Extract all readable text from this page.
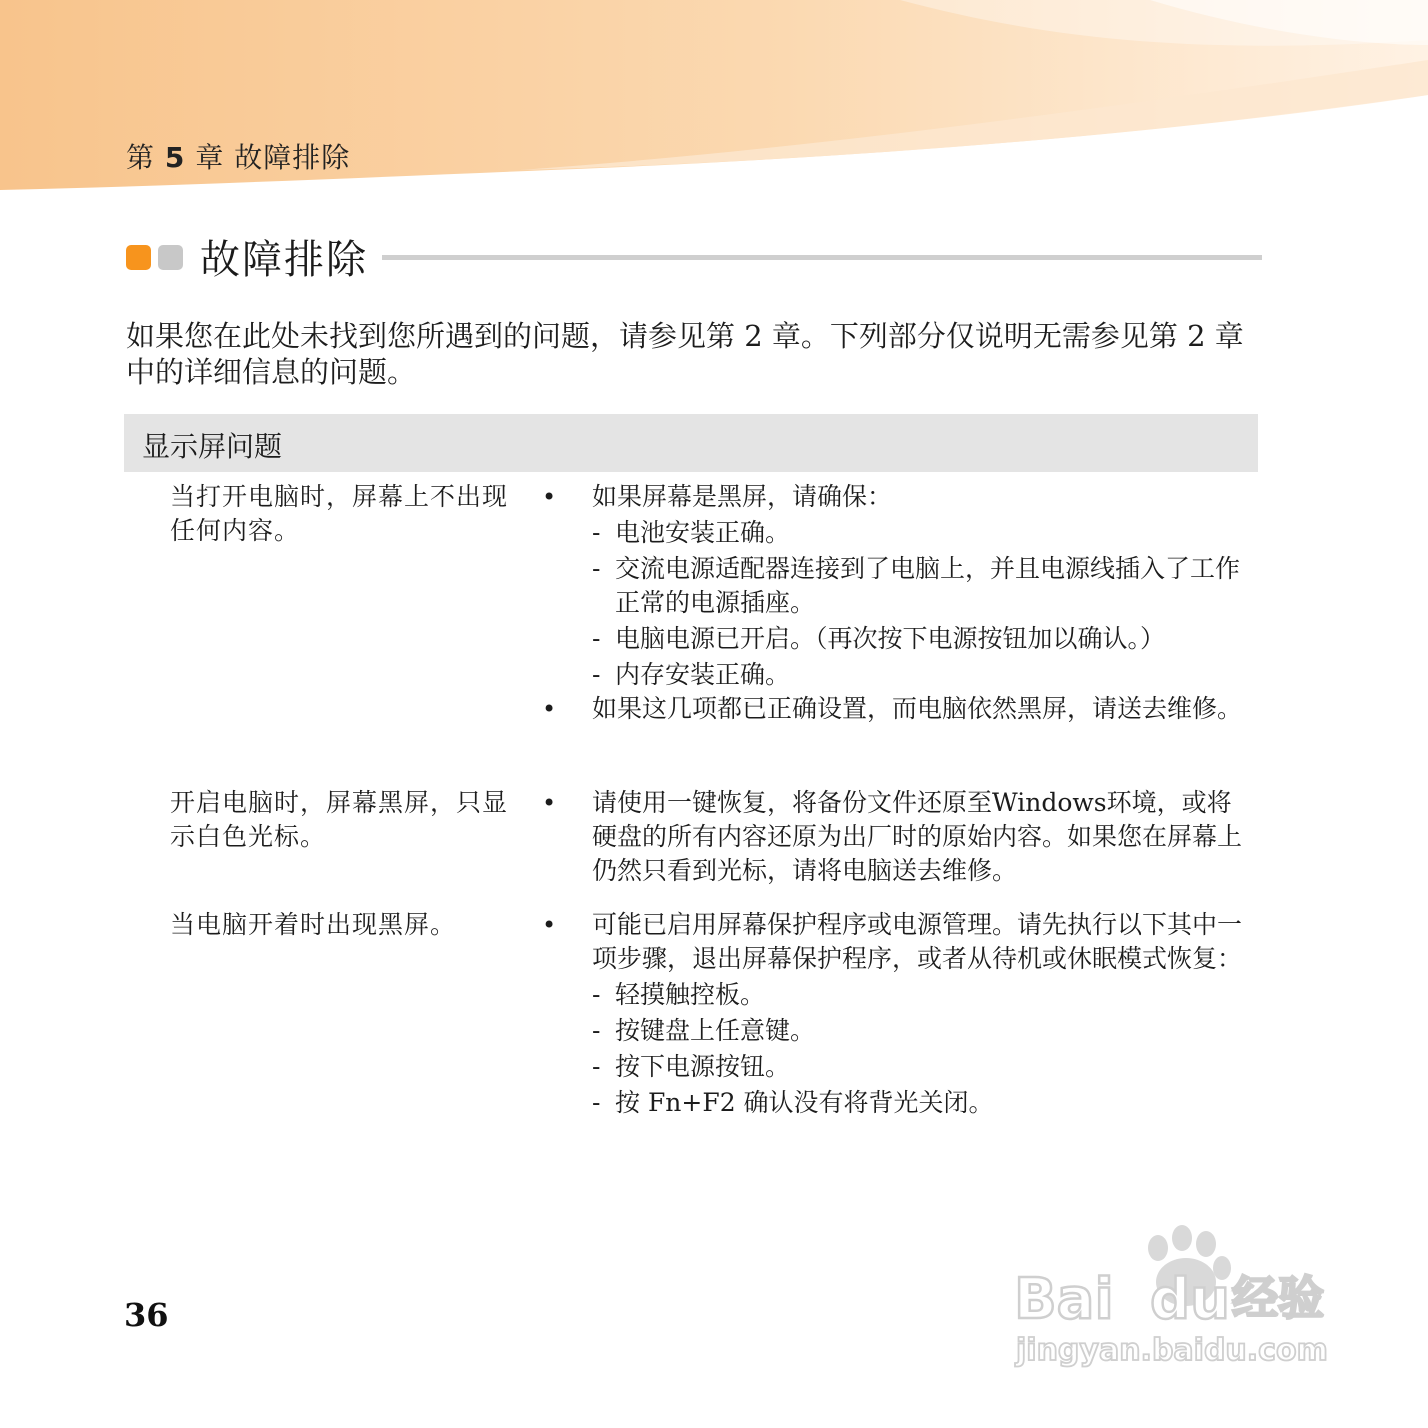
第 5 章 故障排除
故障排除
如果您在此处未找到您所遇到的问题，请参见第 2 章。下列部分仅说明无需参见第 2 章中的详细信息的问题。
显示屏问题
当打开电脑时，屏幕上不出现任何内容。
• 如果屏幕是黑屏，请确保：
- 电池安装正确。
- 交流电源适配器连接到了电脑上，并且电源线插入了工作正常的电源插座。
- 电脑电源已开启。（再次按下电源按钮加以确认。）
- 内存安装正确。
• 如果这几项都已正确设置，而电脑依然黑屏，请送去维修。
开启电脑时，屏幕黑屏，只显示白色光标。
• 请使用一键恢复，将备份文件还原至Windows环境，或将硬盘的所有内容还原为出厂时的原始内容。如果您在屏幕上仍然只看到光标，请将电脑送去维修。
当电脑开着时出现黑屏。
•	可能已启用屏幕保护程序或电源管理。请先执行以下其中一项步骤，退出屏幕保护程序，或者从待机或休眠模式恢复：
- 轻摸触控板。
- 按键盘上任意键。
- 按下电源按钮。
- 按 Fn+F2 确认没有将背光关闭。
36	Bai du 经验
jingyan.baidu.com
